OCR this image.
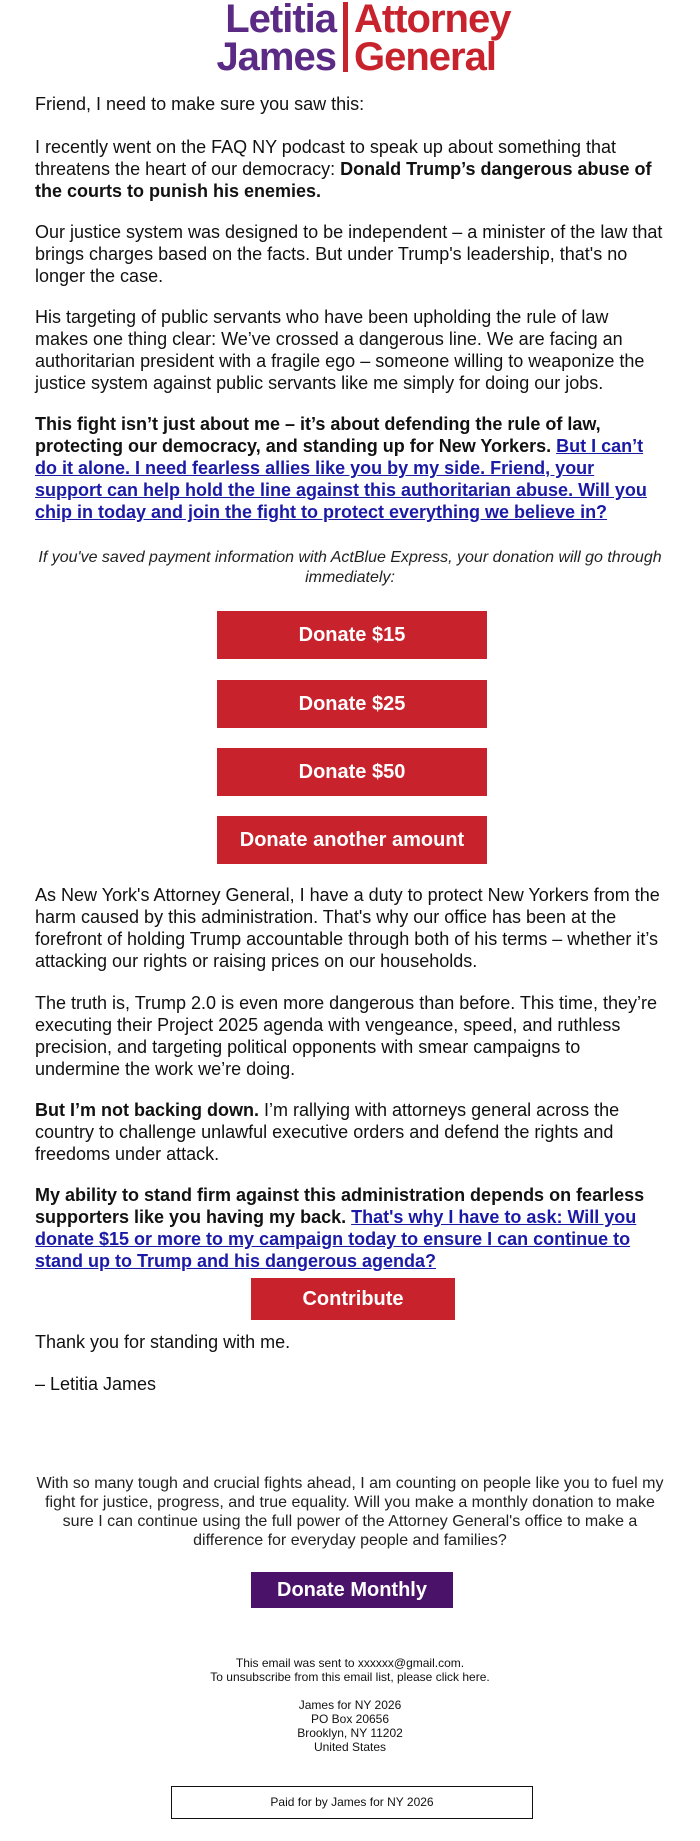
Letitia
James
Attorney
General

Friend, I need to make sure you saw this:

I recently went on the FAQ NY podcast to speak up about something that threatens the heart of our democracy: Donald Trump’s dangerous abuse of the courts to punish his enemies.

Our justice system was designed to be independent – a minister of the law that brings charges based on the facts. But under Trump's leadership, that's no longer the case.

His targeting of public servants who have been upholding the rule of law makes one thing clear: We’ve crossed a dangerous line. We are facing an authoritarian president with a fragile ego – someone willing to weaponize the justice system against public servants like me simply for doing our jobs.

This fight isn’t just about me – it’s about defending the rule of law, protecting our democracy, and standing up for New Yorkers. But I can’t do it alone. I need fearless allies like you by my side. Friend, your support can help hold the line against this authoritarian abuse. Will you chip in today and join the fight to protect everything we believe in?

If you've saved payment information with ActBlue Express, your donation will go through immediately:

Donate $15
Donate $25
Donate $50
Donate another amount

As New York's Attorney General, I have a duty to protect New Yorkers from the harm caused by this administration. That's why our office has been at the forefront of holding Trump accountable through both of his terms – whether it’s attacking our rights or raising prices on our households.

The truth is, Trump 2.0 is even more dangerous than before. This time, they’re executing their Project 2025 agenda with vengeance, speed, and ruthless precision, and targeting political opponents with smear campaigns to undermine the work we’re doing.

But I’m not backing down. I’m rallying with attorneys general across the country to challenge unlawful executive orders and defend the rights and freedoms under attack.

My ability to stand firm against this administration depends on fearless supporters like you having my back. That's why I have to ask: Will you donate $15 or more to my campaign today to ensure I can continue to stand up to Trump and his dangerous agenda?

Contribute

Thank you for standing with me.

– Letitia James

With so many tough and crucial fights ahead, I am counting on people like you to fuel my fight for justice, progress, and true equality. Will you make a monthly donation to make sure I can continue using the full power of the Attorney General's office to make a difference for everyday people and families?

Donate Monthly
This email was sent to xxxxxx@gmail.com.
To unsubscribe from this email list, please click here.
James for NY 2026
PO Box 20656
Brooklyn, NY 11202
United States
Paid for by James for NY 2026
